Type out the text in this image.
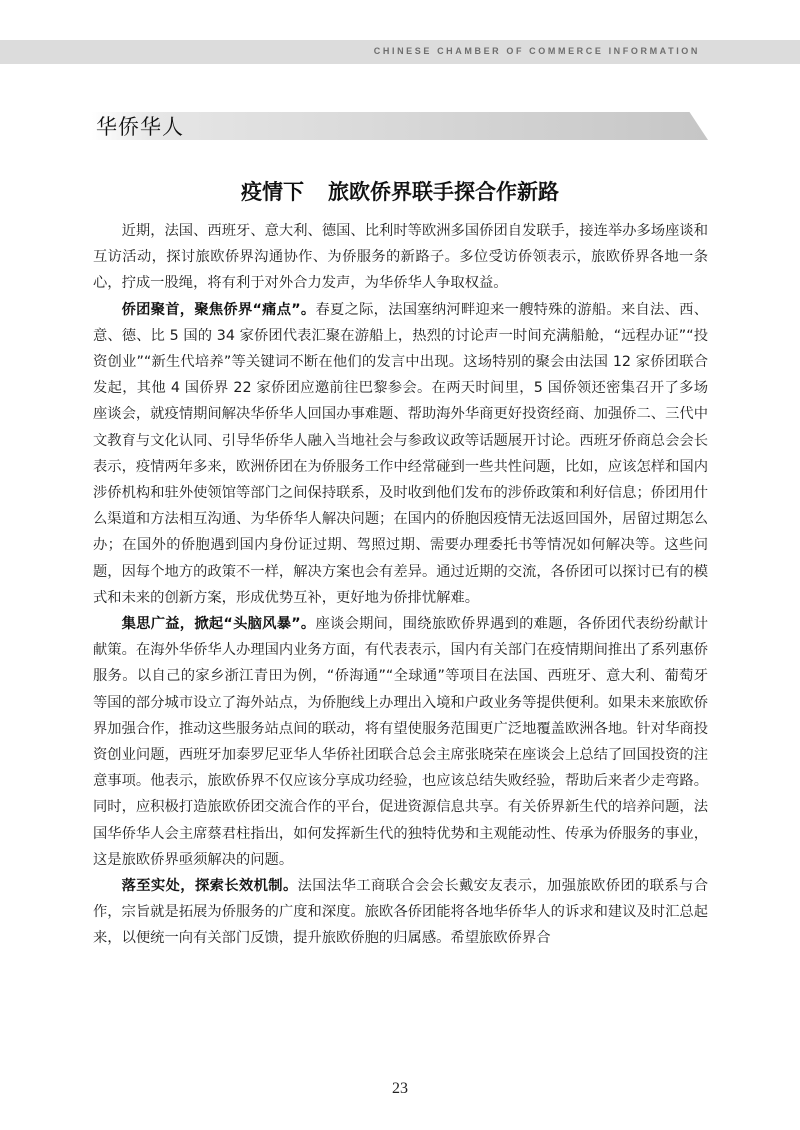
CHINESE CHAMBER OF COMMERCE INFORMATION
华侨华人
疫情下 旅欧侨界联手探合作新路

近期，法国、西班牙、意大利、德国、比利时等欧洲多国侨团自发联手，接连举办多场座谈和互访活动，探讨旅欧侨界沟通协作、为侨服务的新路子。多位受访侨领表示，旅欧侨界各地一条心，拧成一股绳，将有利于对外合力发声，为华侨华人争取权益。

侨团聚首，聚焦侨界“痛点”。春夏之际，法国塞纳河畔迎来一艘特殊的游船。来自法、西、意、德、比 5 国的 34 家侨团代表汇聚在游船上，热烈的讨论声一时间充满船舱，“远程办证”“投资创业”“新生代培养”等关键词不断在他们的发言中出现。这场特别的聚会由法国 12 家侨团联合发起，其他 4 国侨界 22 家侨团应邀前往巴黎参会。在两天时间里，5 国侨领还密集召开了多场座谈会，就疫情期间解决华侨华人回国办事难题、帮助海外华商更好投资经商、加强侨二、三代中文教育与文化认同、引导华侨华人融入当地社会与参政议政等话题展开讨论。西班牙侨商总会会长表示，疫情两年多来，欧洲侨团在为侨服务工作中经常碰到一些共性问题，比如，应该怎样和国内涉侨机构和驻外使领馆等部门之间保持联系，及时收到他们发布的涉侨政策和利好信息；侨团用什么渠道和方法相互沟通、为华侨华人解决问题；在国内的侨胞因疫情无法返回国外，居留过期怎么办；在国外的侨胞遇到国内身份证过期、驾照过期、需要办理委托书等情况如何解决等。这些问题，因每个地方的政策不一样，解决方案也会有差异。通过近期的交流，各侨团可以探讨已有的模式和未来的创新方案，形成优势互补，更好地为侨排忧解难。

集思广益，掀起“头脑风暴”。座谈会期间，围绕旅欧侨界遇到的难题，各侨团代表纷纷献计献策。在海外华侨华人办理国内业务方面，有代表表示，国内有关部门在疫情期间推出了系列惠侨服务。以自己的家乡浙江青田为例，“侨海通”“全球通”等项目在法国、西班牙、意大利、葡萄牙等国的部分城市设立了海外站点，为侨胞线上办理出入境和户政业务等提供便利。如果未来旅欧侨界加强合作，推动这些服务站点间的联动，将有望使服务范围更广泛地覆盖欧洲各地。针对华商投资创业问题，西班牙加泰罗尼亚华人华侨社团联合总会主席张晓荣在座谈会上总结了回国投资的注意事项。他表示，旅欧侨界不仅应该分享成功经验，也应该总结失败经验，帮助后来者少走弯路。同时，应积极打造旅欧侨团交流合作的平台，促进资源信息共享。有关侨界新生代的培养问题，法国华侨华人会主席蔡君柱指出，如何发挥新生代的独特优势和主观能动性、传承为侨服务的事业，这是旅欧侨界亟须解决的问题。

落至实处，探索长效机制。法国法华工商联合会会长戴安友表示，加强旅欧侨团的联系与合作，宗旨就是拓展为侨服务的广度和深度。旅欧各侨团能将各地华侨华人的诉求和建议及时汇总起来，以便统一向有关部门反馈，提升旅欧侨胞的归属感。希望旅欧侨界合

23
